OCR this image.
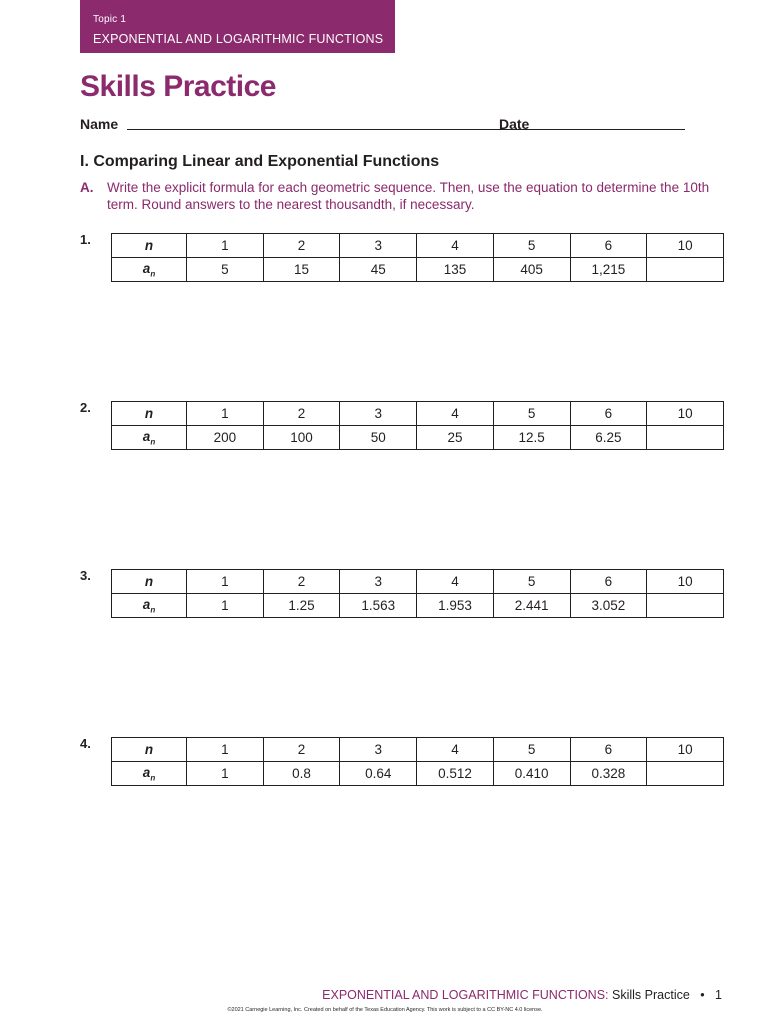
Topic 1
EXPONENTIAL AND LOGARITHMIC FUNCTIONS
Skills Practice
Name	Date
I. Comparing Linear and Exponential Functions
A. Write the explicit formula for each geometric sequence. Then, use the equation to determine the 10th term. Round answers to the nearest thousandth, if necessary.
1.	n	1	2	3	4	5	6	10
$a_n$	5	15	45	135	405	1,215	
2.	n	1	2	3	4	5	6	10
$a_n$	200	100	50	25	12.5	6.25	
3.	n	1	2	3	4	5	6	10
$a_n$	1	1.25	1.563	1.953	2.441	3.052	
4.	n	1	2	3	4	5	6	10
$a_n$	1	0.8	0.64	0.512	0.410	0.328	
EXPONENTIAL AND LOGARITHMIC FUNCTIONS: Skills Practice • 1
©2021 Carnegie Learning, Inc. Created on behalf of the Texas Education Agency. This work is subject to a CC BY-NC 4.0 license.
